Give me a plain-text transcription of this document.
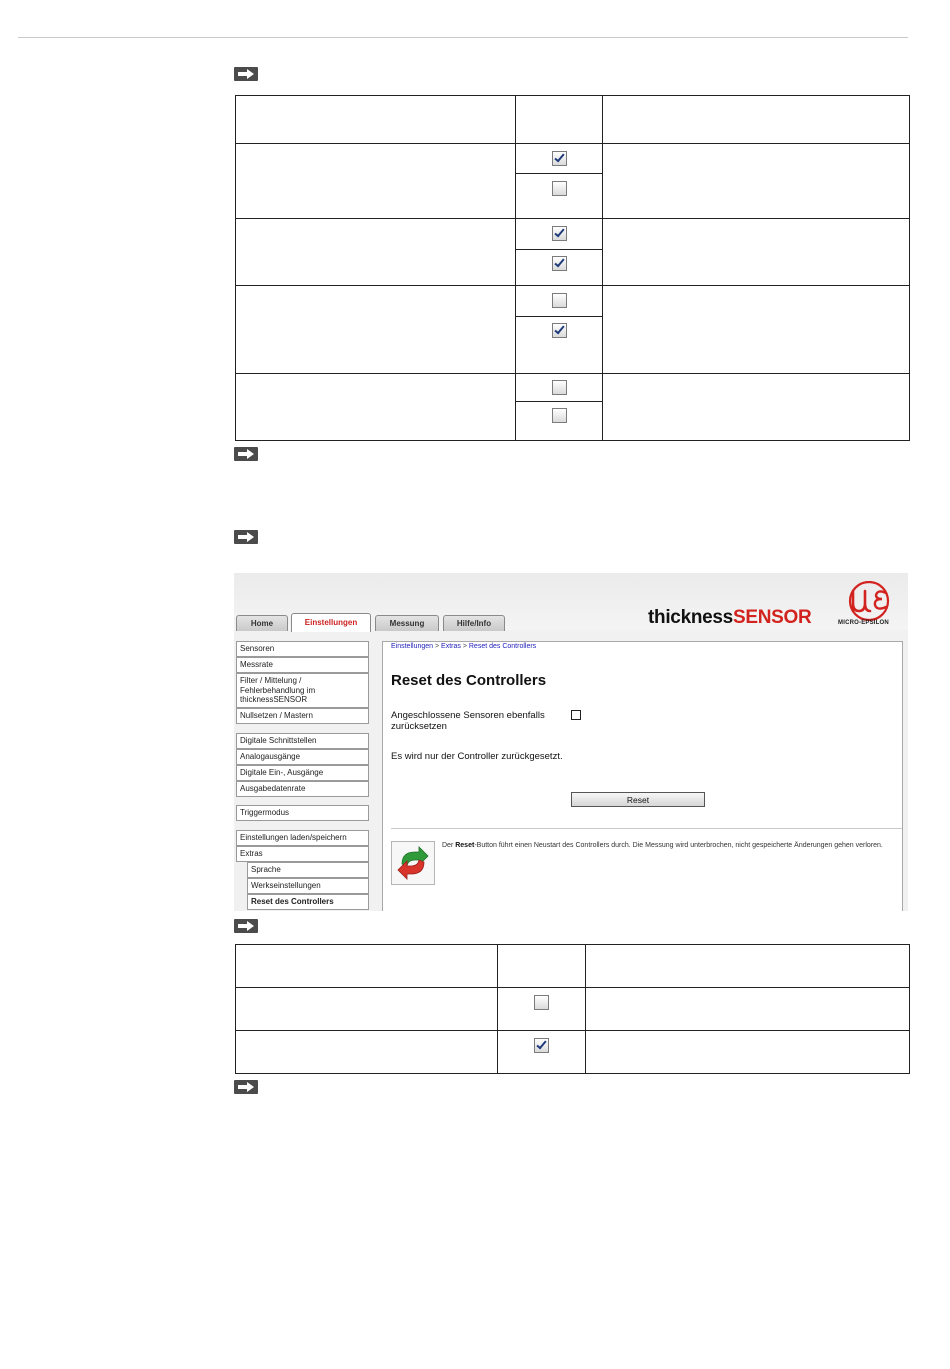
Home	Einstellungen	Messung	Hilfe/Info	thicknessSENSOR	MICRO-EPSILON
Sensoren
Messrate
Filter / Mittelung / Fehlerbehandlung im thicknessSENSOR
Nullsetzen / Mastern
Digitale Schnittstellen
Analogausgänge
Digitale Ein-, Ausgänge
Ausgabedatenrate
Triggermodus
Einstellungen laden/speichern
Extras
Sprache
Werkseinstellungen
Reset des Controllers
Einstellungen > Extras > Reset des Controllers
Reset des Controllers
Angeschlossene Sensoren ebenfalls zurücksetzen
Es wird nur der Controller zurückgesetzt.
Reset
Der Reset-Button führt einen Neustart des Controllers durch. Die Messung wird unterbrochen, nicht gespeicherte Änderungen gehen verloren.
